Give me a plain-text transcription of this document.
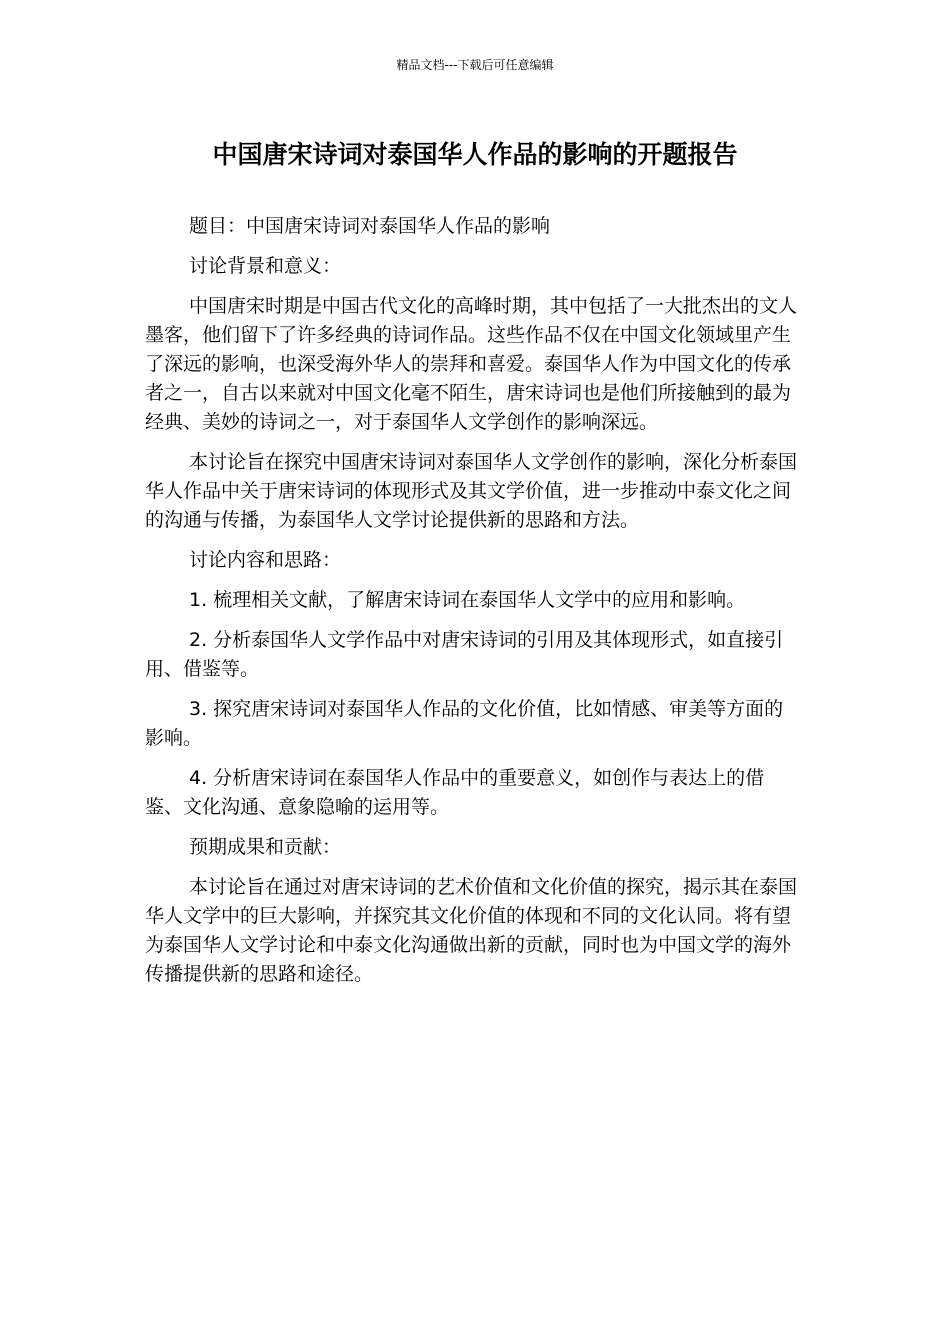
精品文档---下载后可任意编辑
中国唐宋诗词对泰国华人作品的影响的开题报告

题目：中国唐宋诗词对泰国华人作品的影响

讨论背景和意义：

中国唐宋时期是中国古代文化的高峰时期，其中包括了一大批杰出的文人墨客，他们留下了许多经典的诗词作品。这些作品不仅在中国文化领域里产生了深远的影响，也深受海外华人的崇拜和喜爱。泰国华人作为中国文化的传承者之一，自古以来就对中国文化毫不陌生，唐宋诗词也是他们所接触到的最为经典、美妙的诗词之一，对于泰国华人文学创作的影响深远。

本讨论旨在探究中国唐宋诗词对泰国华人文学创作的影响，深化分析泰国华人作品中关于唐宋诗词的体现形式及其文学价值，进一步推动中泰文化之间的沟通与传播，为泰国华人文学讨论提供新的思路和方法。

讨论内容和思路：

1. 梳理相关文献，了解唐宋诗词在泰国华人文学中的应用和影响。

2. 分析泰国华人文学作品中对唐宋诗词的引用及其体现形式，如直接引用、借鉴等。

3. 探究唐宋诗词对泰国华人作品的文化价值，比如情感、审美等方面的影响。

4. 分析唐宋诗词在泰国华人作品中的重要意义，如创作与表达上的借鉴、文化沟通、意象隐喻的运用等。

预期成果和贡献：

本讨论旨在通过对唐宋诗词的艺术价值和文化价值的探究，揭示其在泰国华人文学中的巨大影响，并探究其文化价值的体现和不同的文化认同。将有望为泰国华人文学讨论和中泰文化沟通做出新的贡献，同时也为中国文学的海外传播提供新的思路和途径。
